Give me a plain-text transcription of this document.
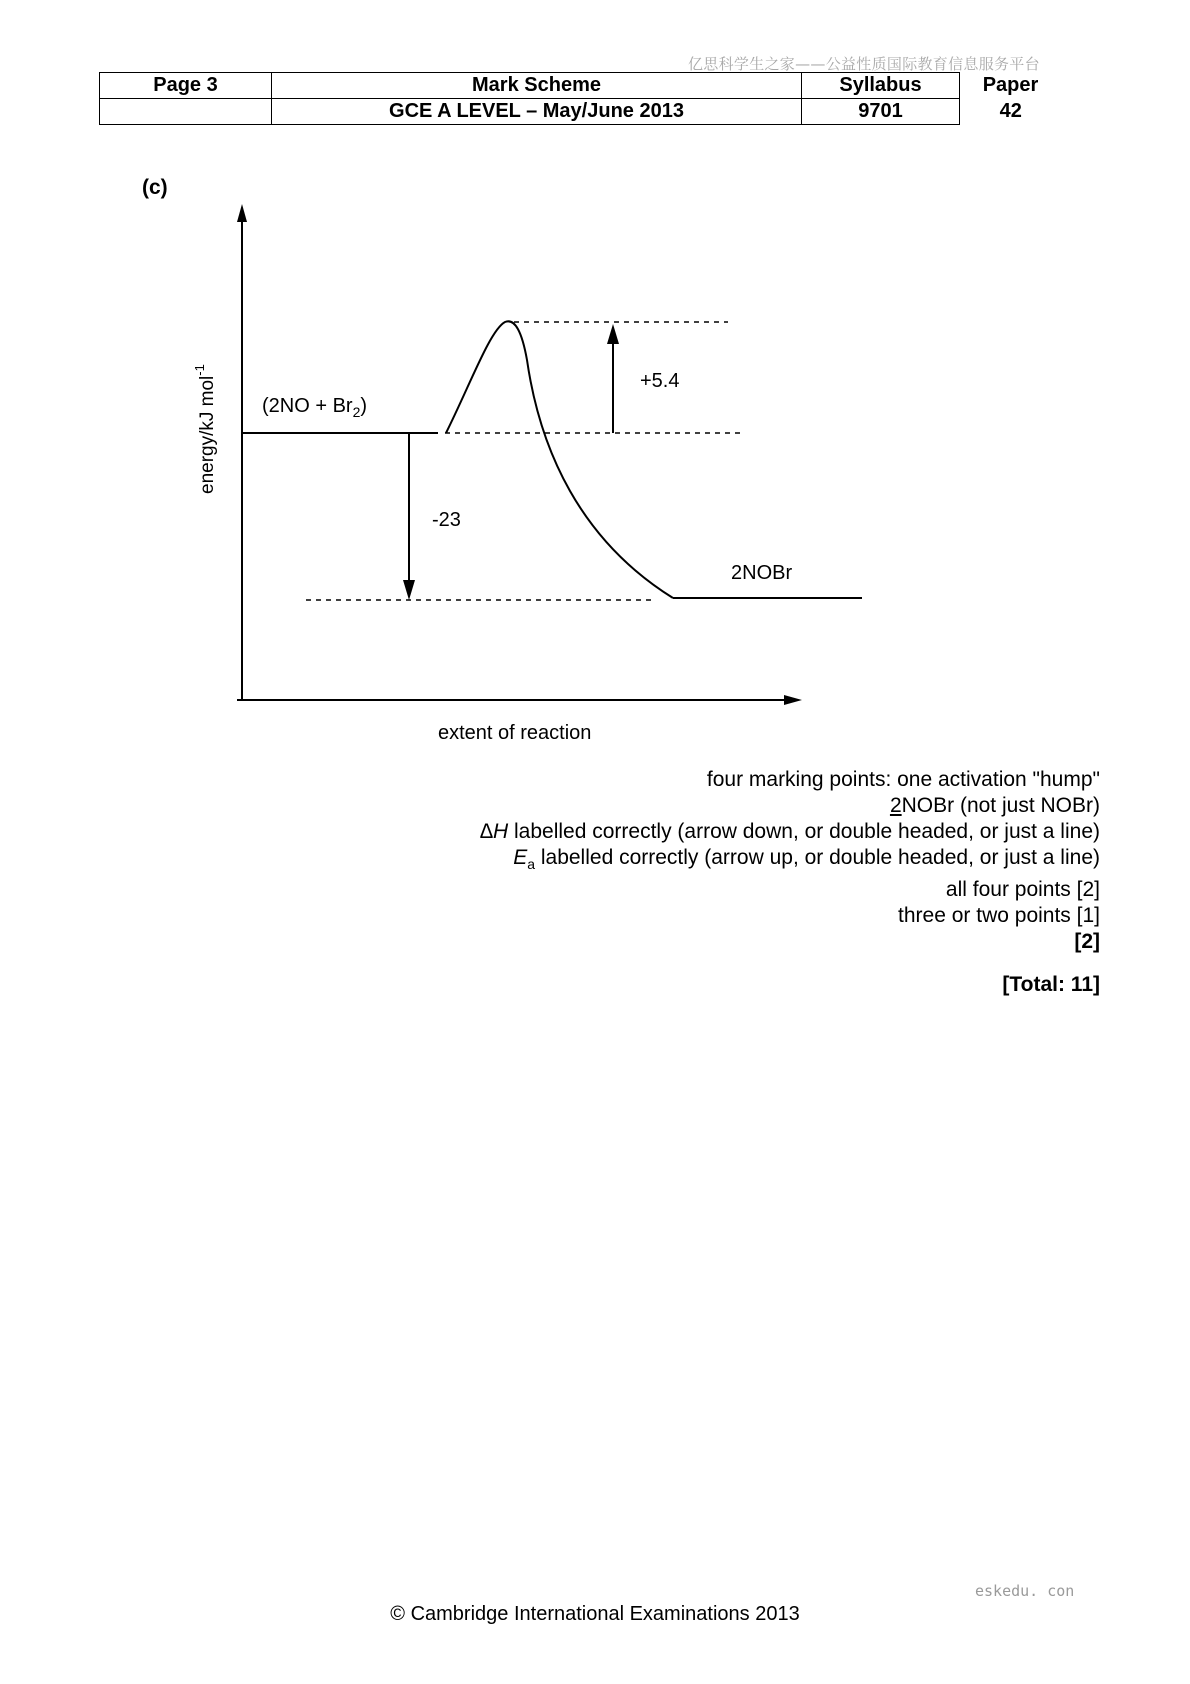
亿思科学生之家——公益性质国际教育信息服务平台
Page 3	Mark Scheme	Syllabus	Paper
	GCE A LEVEL – May/June 2013	9701	42
(c)
energy/kJ mol$^{-1}$
extent of reaction
$(2NO + Br_2)$
2NOBr
+5.4
-23
four marking points: one activation "hump"
2NOBr (not just NOBr)
∆H labelled correctly (arrow down, or double headed, or just a line)
$E_a$ labelled correctly (arrow up, or double headed, or just a line)
all four points [2]
three or two points [1]
[2]
[Total: 11]
eskedu. con
© Cambridge International Examinations 2013
